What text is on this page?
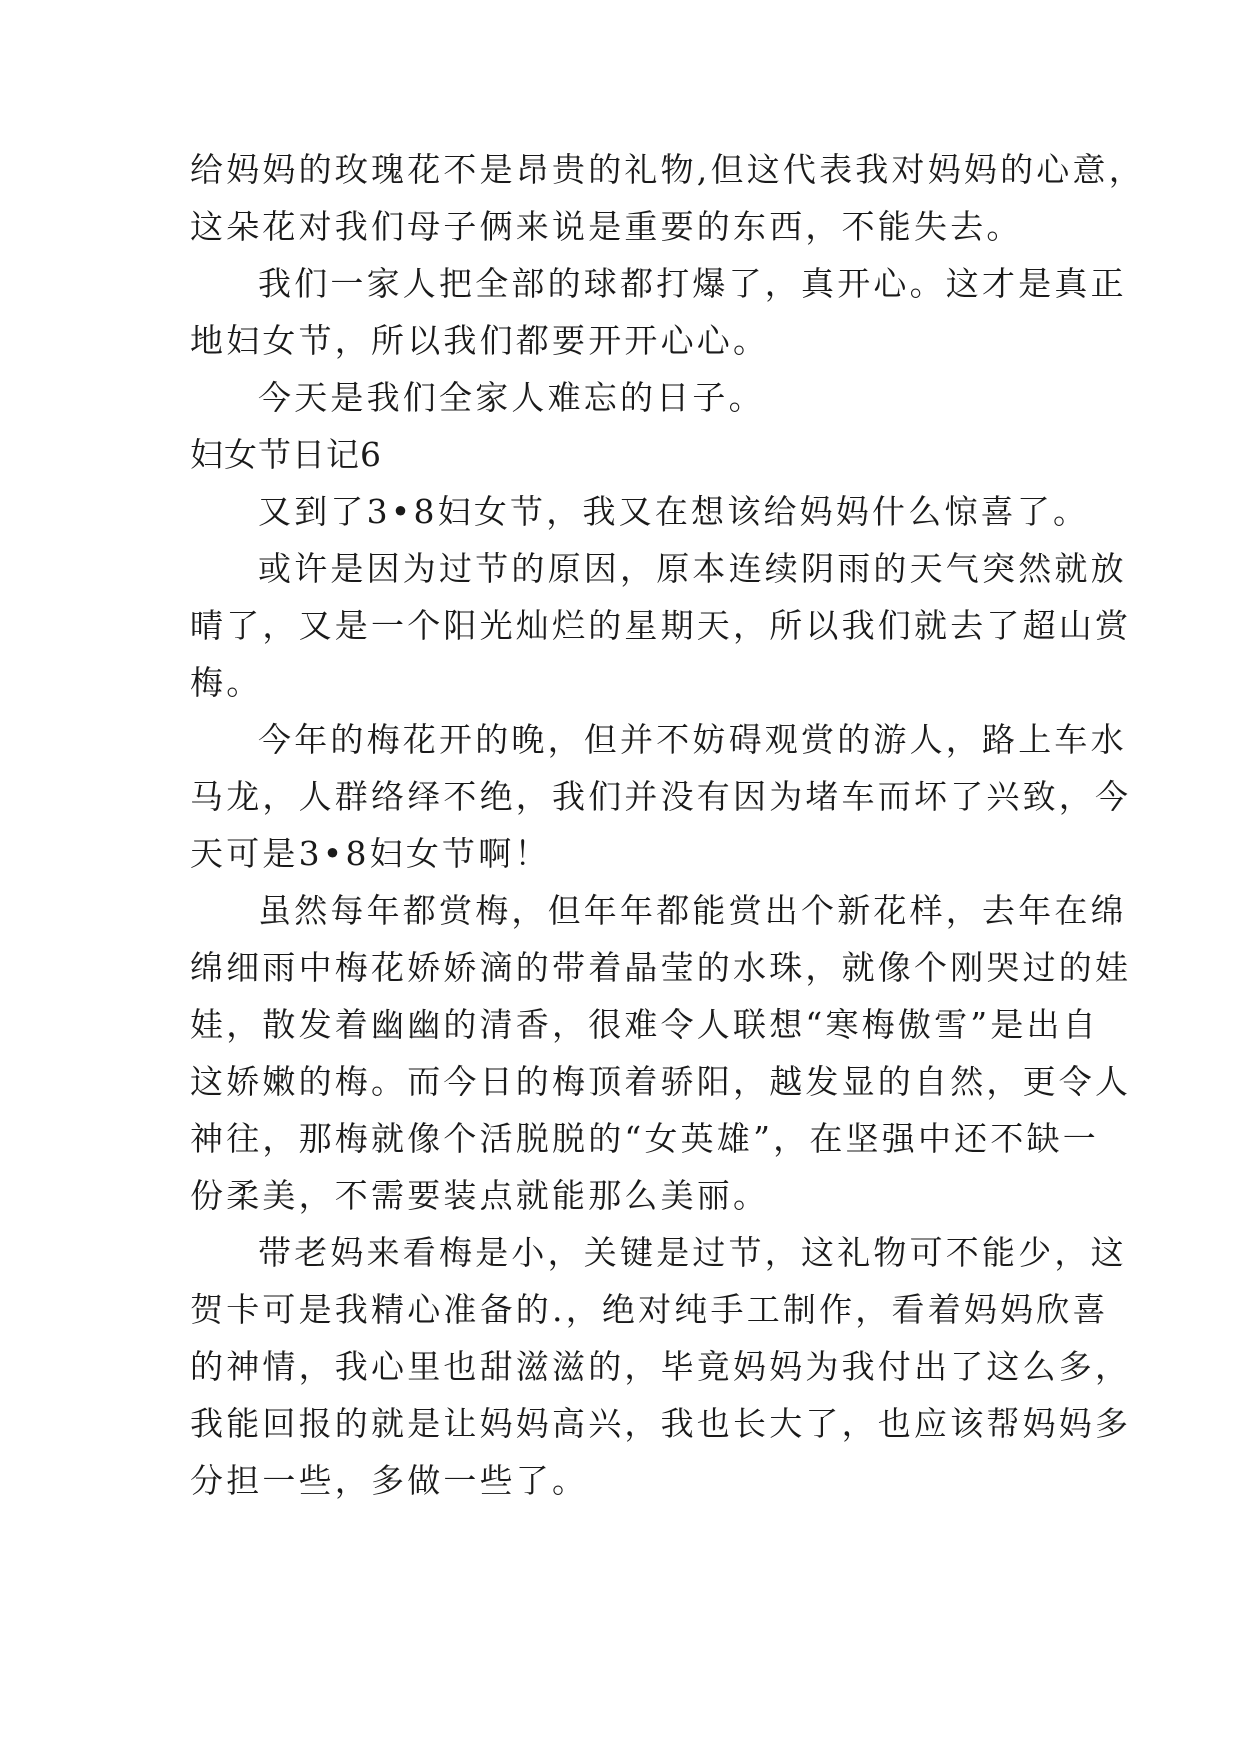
给妈妈的玫瑰花不是昂贵的礼物,但这代表我对妈妈的心意，

这朵花对我们母子俩来说是重要的东西，不能失去。

我们一家人把全部的球都打爆了，真开心。这才是真正

地妇女节，所以我们都要开开心心。

今天是我们全家人难忘的日子。

妇女节日记6

又到了3•8妇女节，我又在想该给妈妈什么惊喜了。

或许是因为过节的原因，原本连续阴雨的天气突然就放

晴了，又是一个阳光灿烂的星期天，所以我们就去了超山赏

梅。

今年的梅花开的晚，但并不妨碍观赏的游人，路上车水

马龙，人群络绎不绝，我们并没有因为堵车而坏了兴致，今

天可是3•8妇女节啊！

虽然每年都赏梅，但年年都能赏出个新花样，去年在绵

绵细雨中梅花娇娇滴的带着晶莹的水珠，就像个刚哭过的娃

娃，散发着幽幽的清香，很难令人联想“寒梅傲雪”是出自

这娇嫩的梅。而今日的梅顶着骄阳，越发显的自然，更令人

神往，那梅就像个活脱脱的“女英雄”，在坚强中还不缺一

份柔美，不需要装点就能那么美丽。

带老妈来看梅是小，关键是过节，这礼物可不能少，这

贺卡可是我精心准备的.，绝对纯手工制作，看着妈妈欣喜

的神情，我心里也甜滋滋的，毕竟妈妈为我付出了这么多，

我能回报的就是让妈妈高兴，我也长大了，也应该帮妈妈多

分担一些，多做一些了。
